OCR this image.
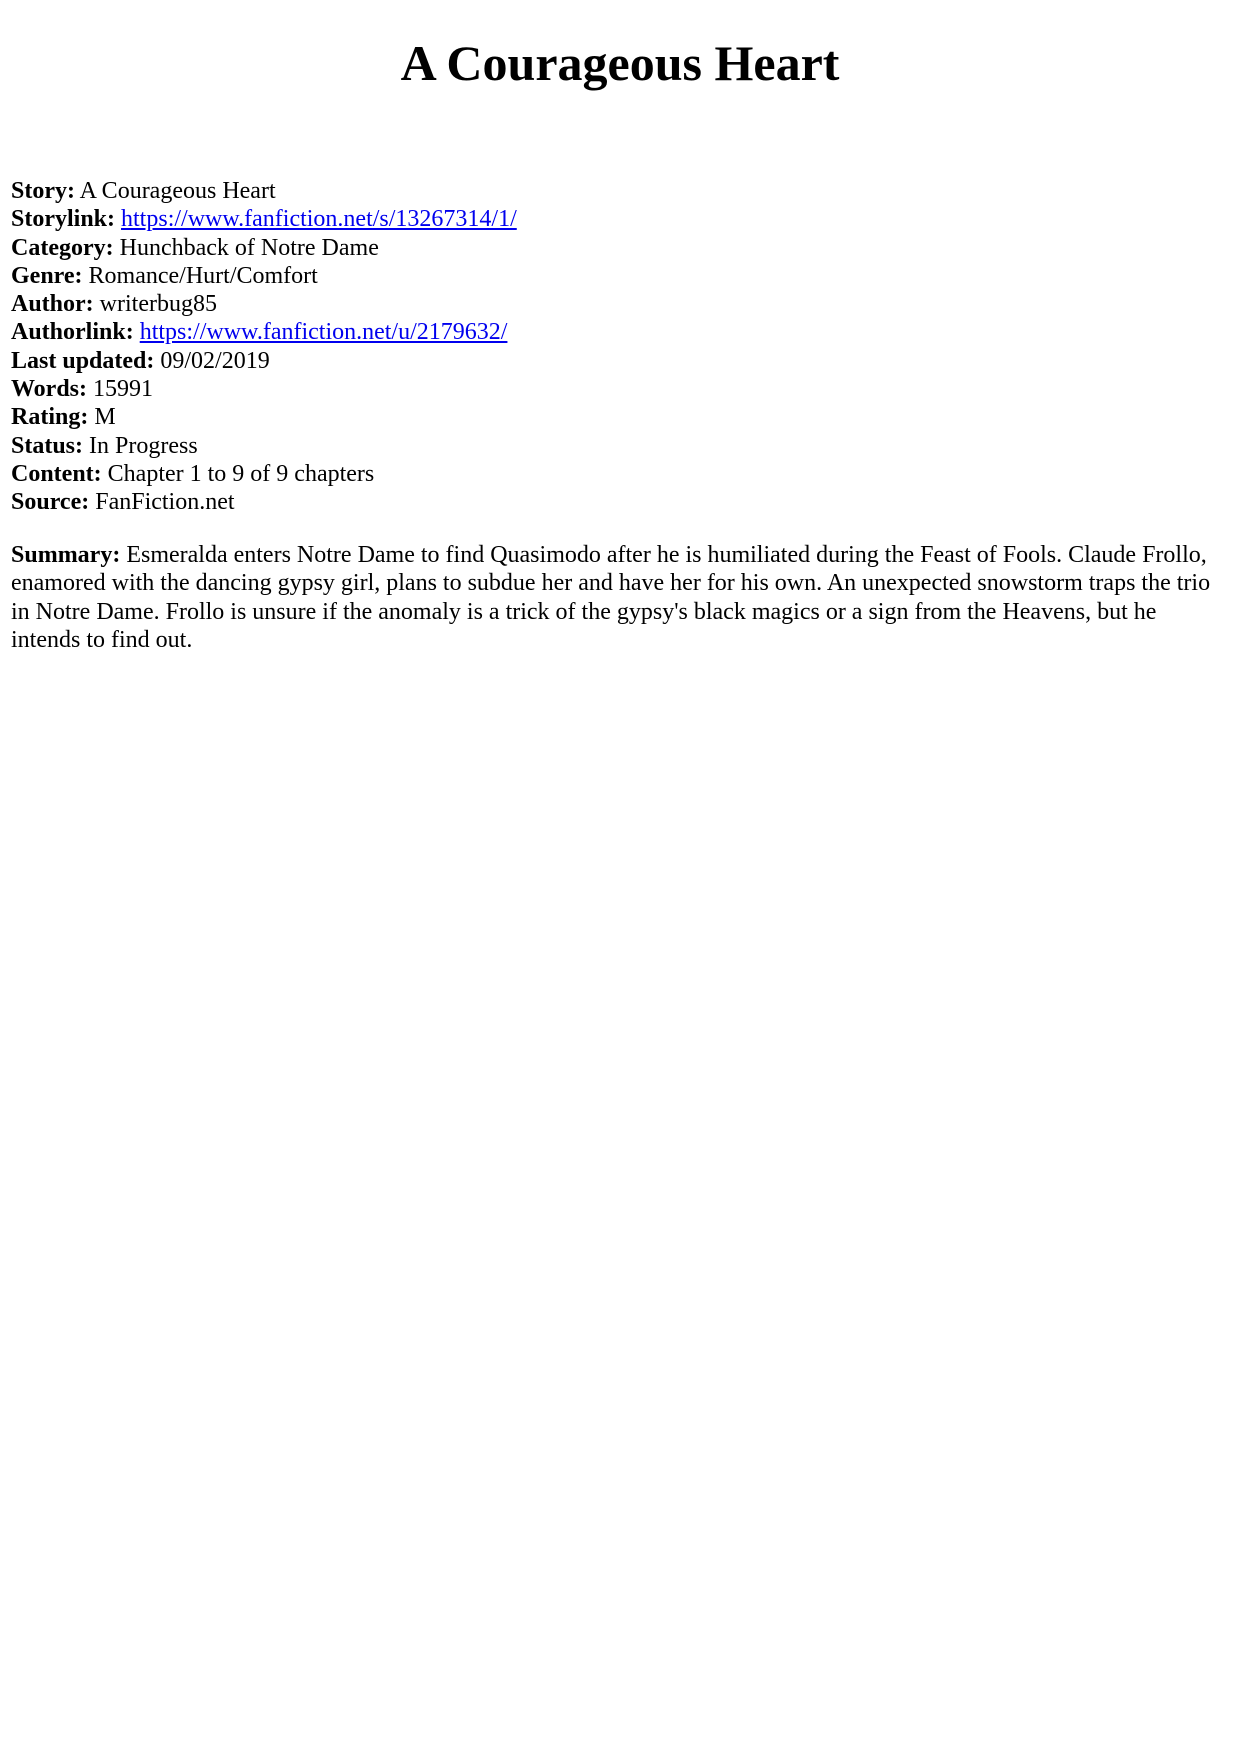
A Courageous Heart
Story: A Courageous Heart
Storylink: https://www.fanfiction.net/s/13267314/1/
Category: Hunchback of Notre Dame
Genre: Romance/Hurt/Comfort
Author: writerbug85
Authorlink: https://www.fanfiction.net/u/2179632/
Last updated: 09/02/2019
Words: 15991
Rating: M
Status: In Progress
Content: Chapter 1 to 9 of 9 chapters
Source: FanFiction.net

Summary: Esmeralda enters Notre Dame to find Quasimodo after he is humiliated during the Feast of Fools. Claude Frollo, enamored with the dancing gypsy girl, plans to subdue her and have her for his own. An unexpected snowstorm traps the trio in Notre Dame. Frollo is unsure if the anomaly is a trick of the gypsy's black magics or a sign from the Heavens, but he intends to find out.
